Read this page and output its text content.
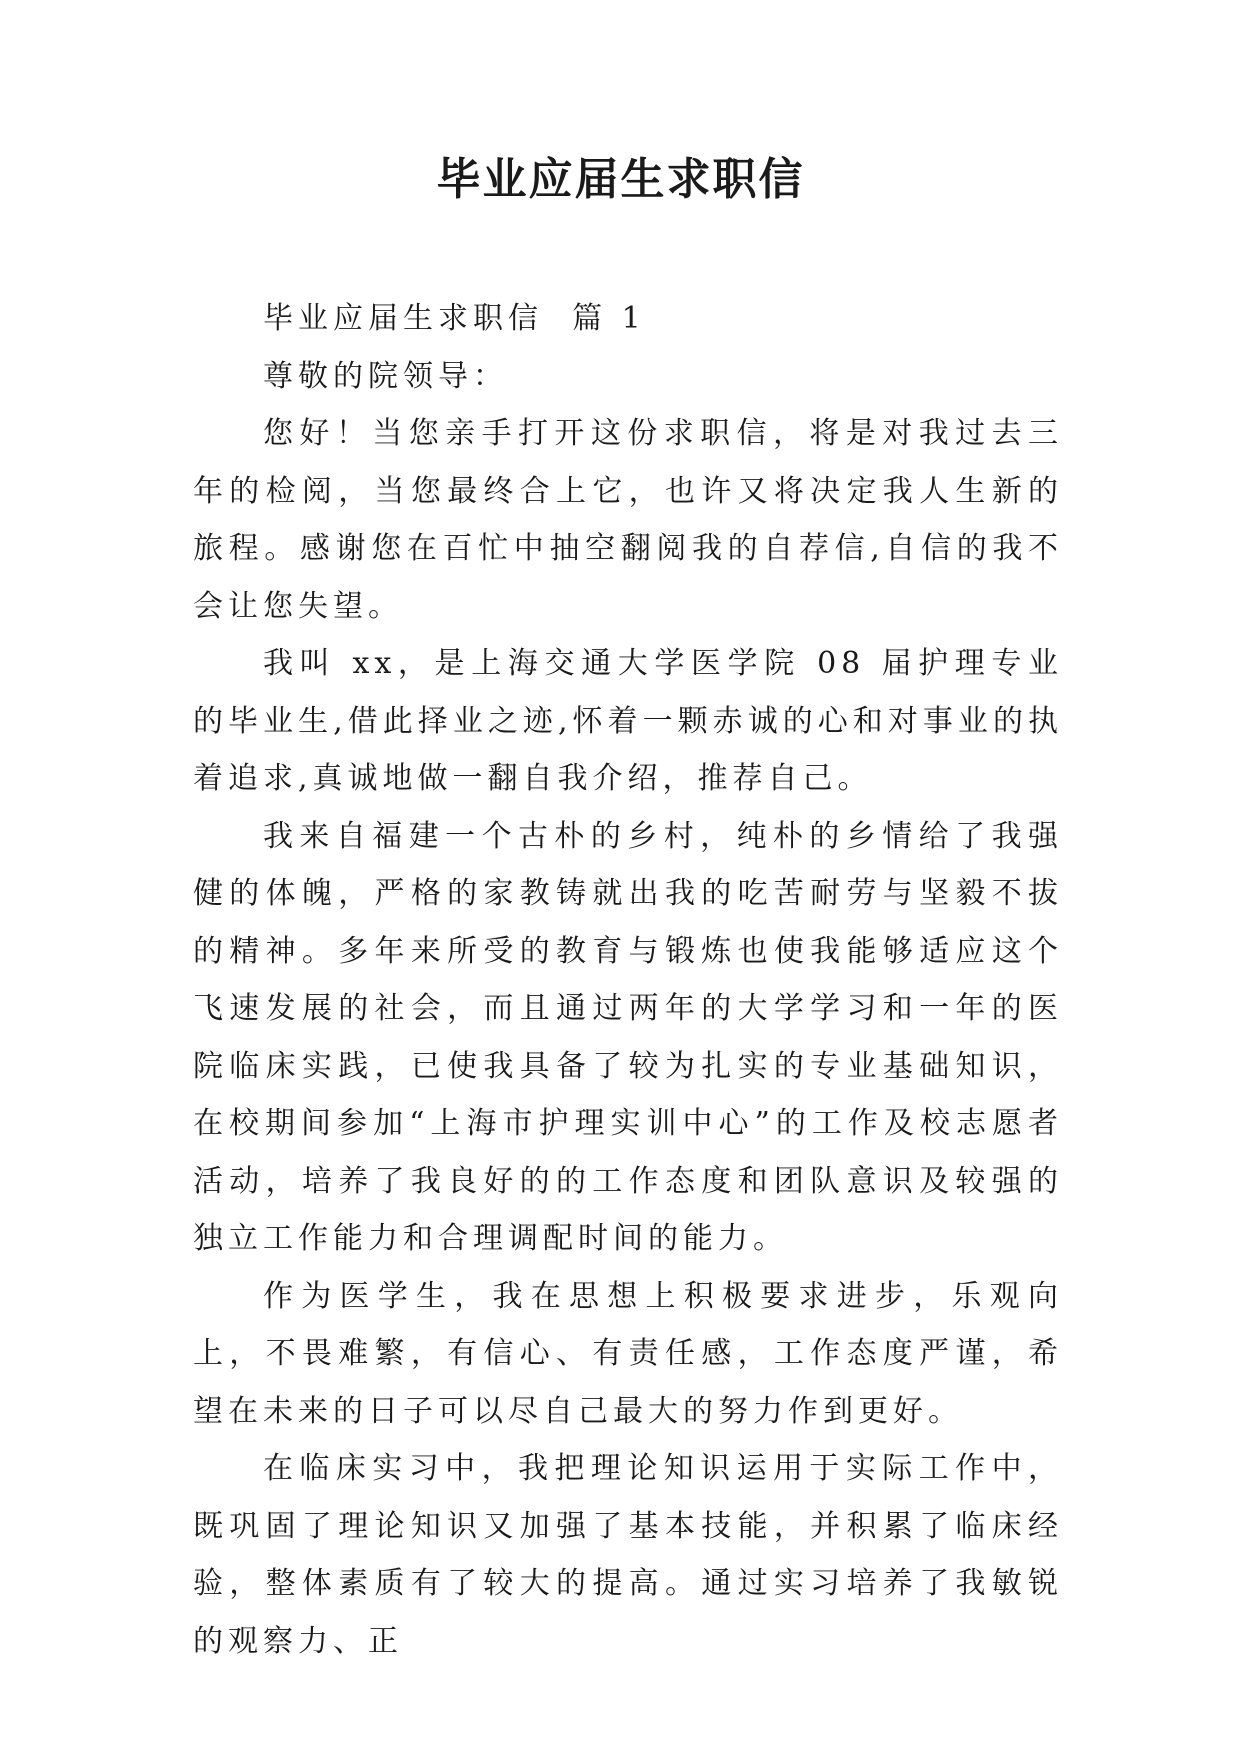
毕业应届生求职信

毕业应届生求职信  篇 1

尊敬的院领导：

您好！当您亲手打开这份求职信，将是对我过去三年的检阅，当您最终合上它，也许又将决定我人生新的旅程。感谢您在百忙中抽空翻阅我的自荐信,自信的我不会让您失望。

我叫 xx，是上海交通大学医学院 08 届护理专业的毕业生,借此择业之迹,怀着一颗赤诚的心和对事业的执着追求,真诚地做一翻自我介绍，推荐自己。

我来自福建一个古朴的乡村，纯朴的乡情给了我强健的体魄，严格的家教铸就出我的吃苦耐劳与坚毅不拔的精神。多年来所受的教育与锻炼也使我能够适应这个飞速发展的社会，而且通过两年的大学学习和一年的医院临床实践，已使我具备了较为扎实的专业基础知识，在校期间参加“上海市护理实训中心”的工作及校志愿者活动，培养了我良好的的工作态度和团队意识及较强的独立工作能力和合理调配时间的能力。

作为医学生，我在思想上积极要求进步，乐观向上，不畏难繁，有信心、有责任感，工作态度严谨，希望在未来的日子可以尽自己最大的努力作到更好。

在临床实习中，我把理论知识运用于实际工作中，既巩固了理论知识又加强了基本技能，并积累了临床经验，整体素质有了较大的提高。通过实习培养了我敏锐的观察力、正
